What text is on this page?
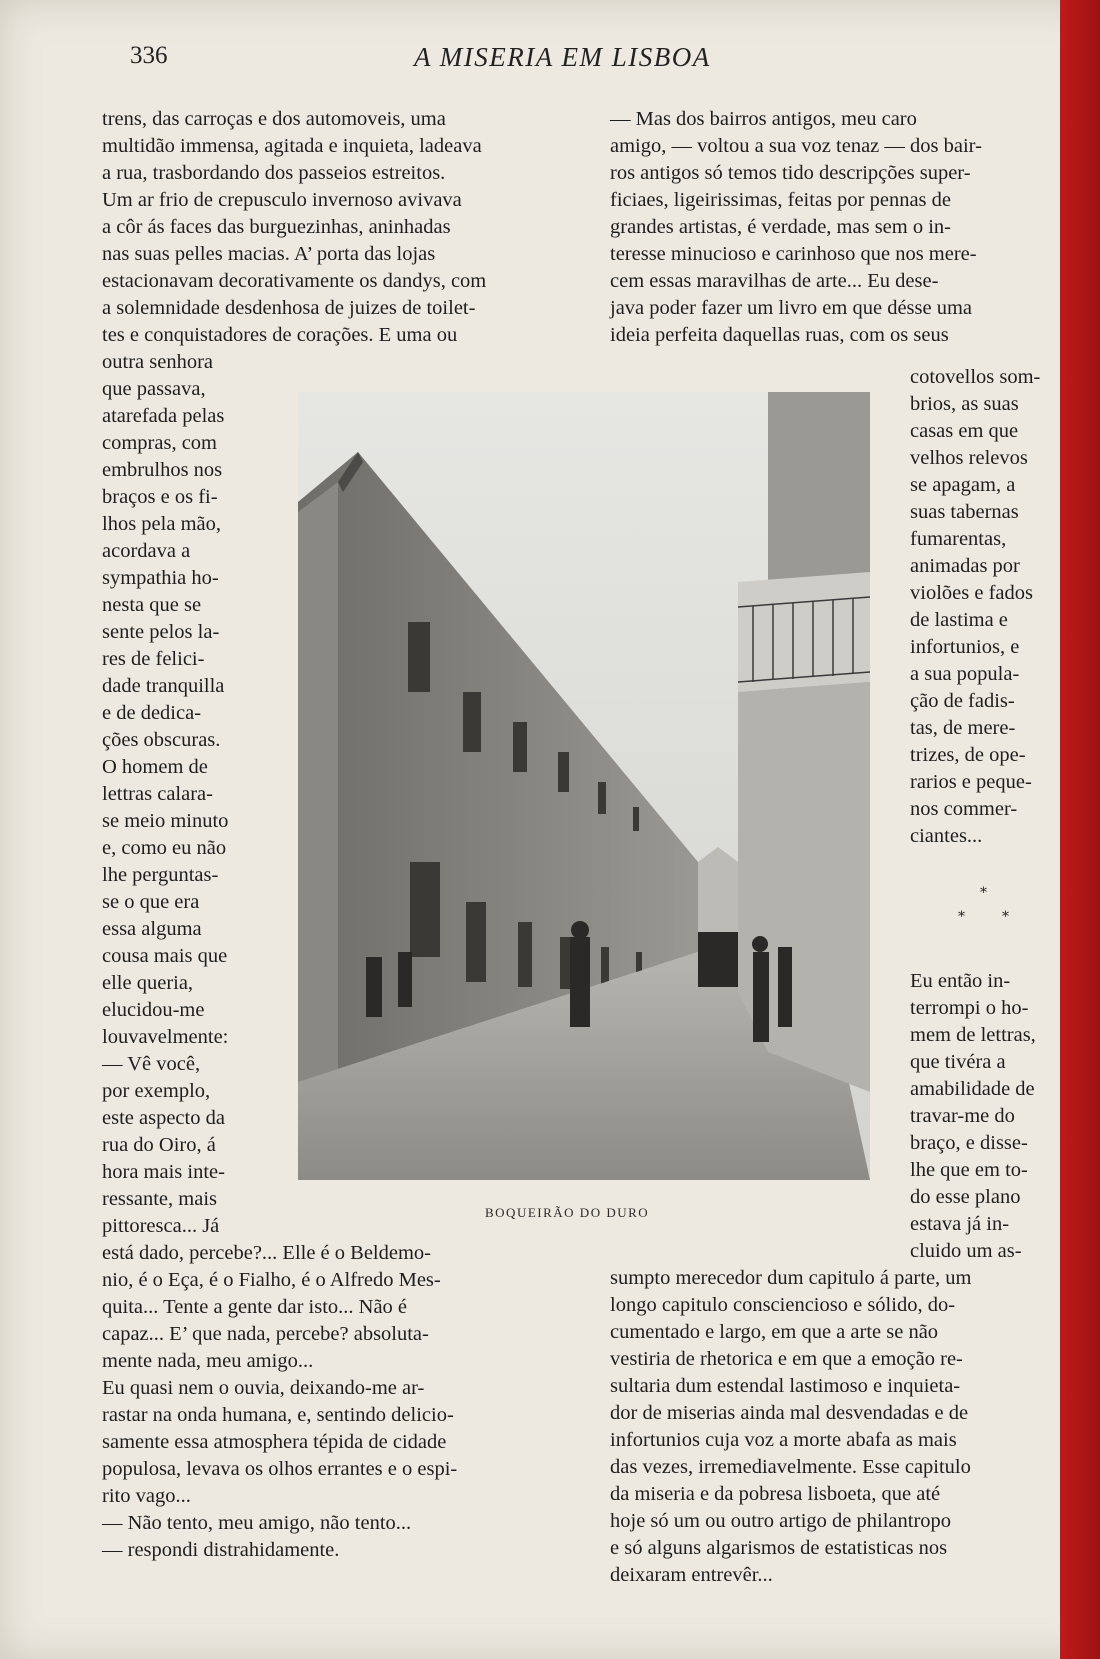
336	A MISERIA EM LISBOA
trens, das carroças e dos automoveis, uma
multidão immensa, agitada e inquieta, ladeava
a rua, trasbordando dos passeios estreitos.
Um ar frio de crepusculo invernoso avivava
a côr ás faces das burguezinhas, aninhadas
nas suas pelles macias. A’ porta das lojas
estacionavam decorativamente os dandys, com
a solemnidade desdenhosa de juizes de toilet-
tes e conquistadores de corações. E uma ou
outra senhora
que passava,
atarefada pelas
compras, com
embrulhos nos
braços e os fi-
lhos pela mão,
acordava a
sympathia ho-
nesta que se
sente pelos la-
res de felici-
dade tranquilla
e de dedica-
ções obscuras.
O homem de
lettras calara-
se meio minuto
e, como eu não
lhe perguntas-
se o que era
essa alguma
cousa mais que
elle queria,
elucidou-me
louvavelmente:
— Vê você,
por exemplo,
este aspecto da
rua do Oiro, á
hora mais inte-
ressante, mais
pittoresca... Já
está dado, percebe?... Elle é o Beldemo-
nio, é o Eça, é o Fialho, é o Alfredo Mes-
quita... Tente a gente dar isto... Não é
capaz... E’ que nada, percebe? absoluta-
mente nada, meu amigo...
Eu quasi nem o ouvia, deixando-me ar-
rastar na onda humana, e, sentindo delicio-
samente essa atmosphera tépida de cidade
populosa, levava os olhos errantes e o espi-
rito vago...
— Não tento, meu amigo, não tento...
— respondi distrahidamente.
— Mas dos bairros antigos, meu caro
amigo, — voltou a sua voz tenaz — dos bair-
ros antigos só temos tido descripções super-
ficiaes, ligeirissimas, feitas por pennas de
grandes artistas, é verdade, mas sem o in-
teresse minucioso e carinhoso que nos mere-
cem essas maravilhas de arte... Eu dese-
java poder fazer um livro em que désse uma
ideia perfeita daquellas ruas, com os seus
cotovellos som-
brios, as suas
casas em que
velhos relevos
se apagam, a
suas tabernas
fumarentas,
animadas por
violões e fados
de lastima e
infortunios, e
a sua popula-
ção de fadis-
tas, de mere-
trizes, de ope-
rarios e peque-
nos commer-
ciantes...
Eu então in-
terrompi o ho-
mem de lettras,
que tivéra a
amabilidade de
travar-me do
braço, e disse-
lhe que em to-
do esse plano
estava já in-
cluido um as-
sumpto merecedor dum capitulo á parte, um
longo capitulo consciencioso e sólido, do-
cumentado e largo, em que a arte se não
vestiria de rhetorica e em que a emoção re-
sultaria dum estendal lastimoso e inquieta-
dor de miserias ainda mal desvendadas e de
infortunios cuja voz a morte abafa as mais
das vezes, irremediavelmente. Esse capitulo
da miseria e da pobresa lisboeta, que até
hoje só um ou outro artigo de philantropo
e só alguns algarismos de estatisticas nos
deixaram entrevêr...
BOQUEIRÃO DO DURO
*
*	*
